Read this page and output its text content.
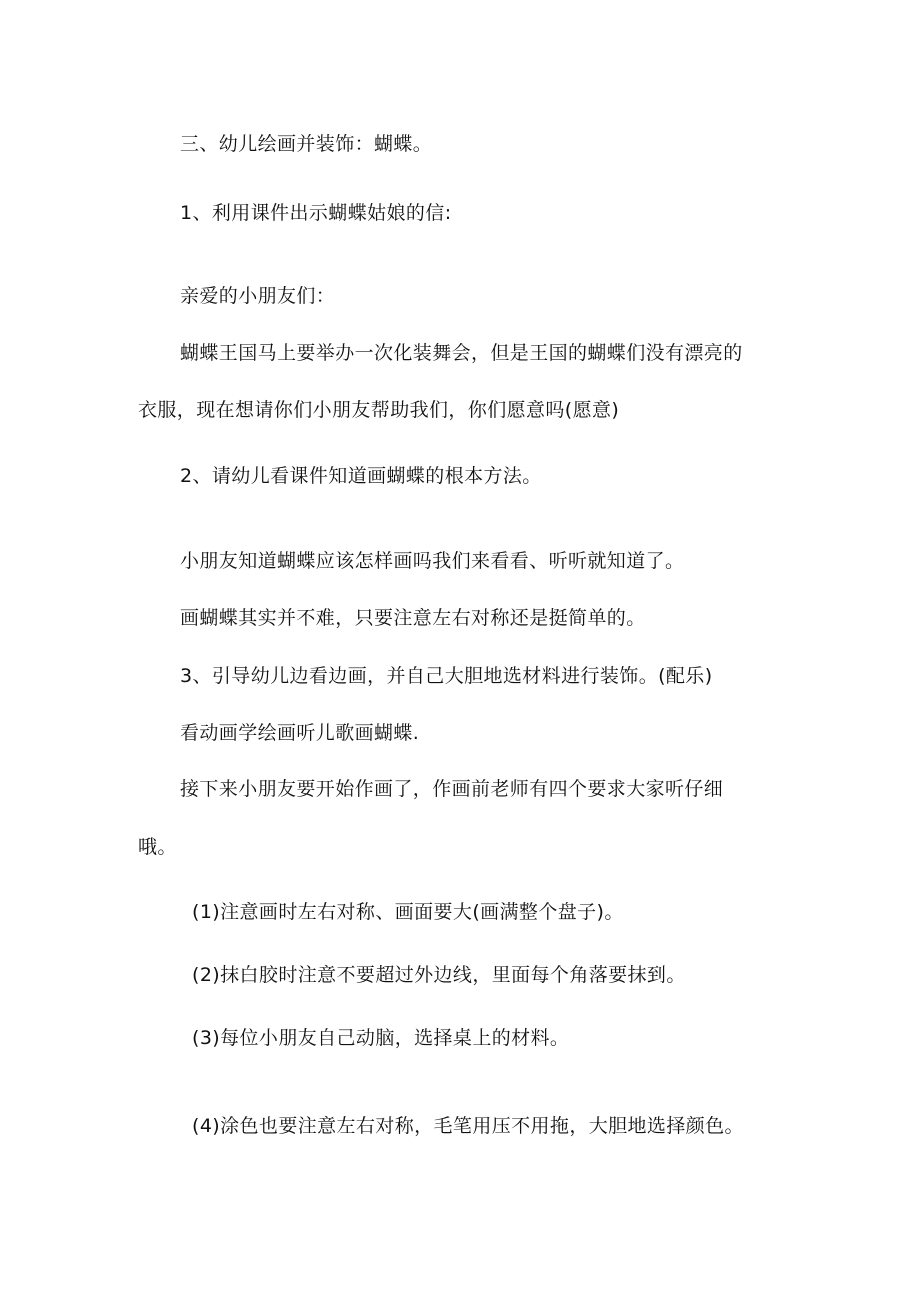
三、幼儿绘画并装饰：蝴蝶。
1、利用课件出示蝴蝶姑娘的信:
亲爱的小朋友们：
蝴蝶王国马上要举办一次化装舞会，但是王国的蝴蝶们没有漂亮的
衣服，现在想请你们小朋友帮助我们，你们愿意吗(愿意)
2、请幼儿看课件知道画蝴蝶的根本方法。
小朋友知道蝴蝶应该怎样画吗我们来看看、听听就知道了。
画蝴蝶其实并不难，只要注意左右对称还是挺简单的。
3、引导幼儿边看边画，并自己大胆地选材料进行装饰。(配乐)
看动画学绘画听儿歌画蝴蝶.
接下来小朋友要开始作画了，作画前老师有四个要求大家听仔细
哦。
(1)注意画时左右对称、画面要大(画满整个盘子)。
(2)抹白胶时注意不要超过外边线，里面每个角落要抹到。
(3)每位小朋友自己动脑，选择桌上的材料。
(4)涂色也要注意左右对称，毛笔用压不用拖，大胆地选择颜色。
